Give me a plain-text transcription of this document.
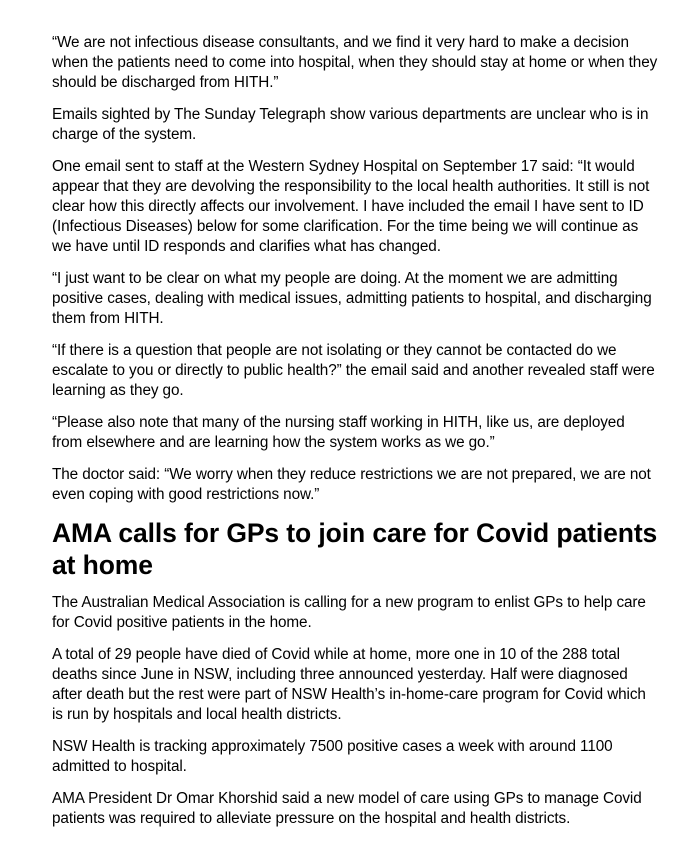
“We are not infectious disease consultants, and we find it very hard to make a decision when the patients need to come into hospital, when they should stay at home or when they should be discharged from HITH.”

Emails sighted by The Sunday Telegraph show various departments are unclear who is in charge of the system.

One email sent to staff at the Western Sydney Hospital on September 17 said: “It would appear that they are devolving the responsibility to the local health authorities. It still is not clear how this directly affects our involvement. I have included the email I have sent to ID (Infectious Diseases) below for some clarification. For the time being we will continue as we have until ID responds and clarifies what has changed.

“I just want to be clear on what my people are doing. At the moment we are admitting positive cases, dealing with medical issues, admitting patients to hospital, and discharging them from HITH.

“If there is a question that people are not isolating or they cannot be contacted do we escalate to you or directly to public health?” the email said and another revealed staff were learning as they go.

“Please also note that many of the nursing staff working in HITH, like us, are deployed from elsewhere and are learning how the system works as we go.”

The doctor said: “We worry when they reduce restrictions we are not prepared, we are not even coping with good restrictions now.”

AMA calls for GPs to join care for Covid patients at home

The Australian Medical Association is calling for a new program to enlist GPs to help care for Covid positive patients in the home.

A total of 29 people have died of Covid while at home, more one in 10 of the 288 total deaths since June in NSW, including three announced yesterday. Half were diagnosed after death but the rest were part of NSW Health’s in-home-care program for Covid which is run by hospitals and local health districts.

NSW Health is tracking approximately 7500 positive cases a week with around 1100 admitted to hospital.

AMA President Dr Omar Khorshid said a new model of care using GPs to manage Covid patients was required to alleviate pressure on the hospital and health districts.
